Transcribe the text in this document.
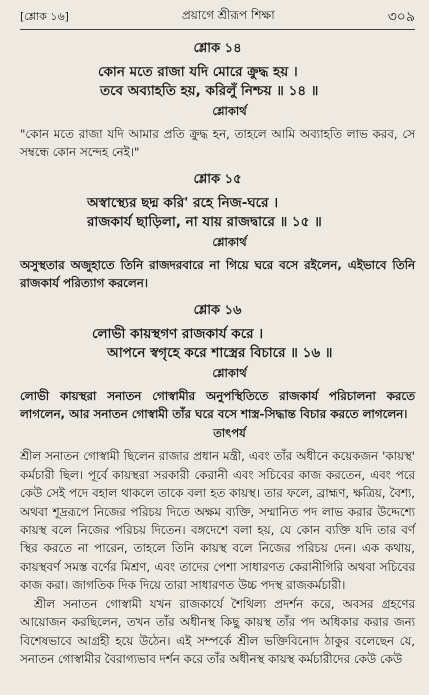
[শ্লোক ১৬]	প্রয়াগে শ্রীরূপ শিক্ষা	৩০৯
শ্লোক ১৪
কোন মতে রাজা যদি মোরে ক্রুদ্ধ হয় ।
তবে অব্যাহতি হয়, করিলুঁ নিশ্চয় ॥ ১৪ ॥
শ্লোকার্থ

"কোন মতে রাজা যদি আমার প্রতি ক্রুদ্ধ হন, তাহলে আমি অব্যাহতি লাভ করব, সে সম্বন্ধে কোন সন্দেহ নেই।"

শ্লোক ১৫
অস্বাস্থ্যের ছদ্ম করি' রহে নিজ-ঘরে ।
রাজকার্য ছাড়িলা, না যায় রাজদ্বারে ॥ ১৫ ॥
শ্লোকার্থ

অসুস্থতার অজুহাতে তিনি রাজদরবারে না গিয়ে ঘরে বসে রইলেন, এইভাবে তিনি রাজকার্য পরিত্যাগ করলেন।

শ্লোক ১৬
লোভী কায়স্থগণ রাজকার্য করে ।
আপনে স্বগৃহে করে শাস্ত্রের বিচারে ॥ ১৬ ॥
শ্লোকার্থ

লোভী কায়স্থরা সনাতন গোস্বামীর অনুপস্থিতিতে রাজকার্য পরিচালনা করতে লাগলেন, আর সনাতন গোস্বামী তাঁর ঘরে বসে শাস্ত্র-সিদ্ধান্ত বিচার করতে লাগলেন।

তাৎপর্য

শ্রীল সনাতন গোস্বামী ছিলেন রাজার প্রধান মন্ত্রী, এবং তাঁর অধীনে কয়েকজন 'কায়স্থ' কর্মচারী ছিল। পূর্বে কায়স্থরা সরকারী কেরানী এবং সচিবের কাজ করতেন, এবং পরে কেউ সেই পদে বহাল থাকলে তাকে বলা হত কায়স্থ। তার ফলে, ব্রাহ্মণ, ক্ষত্রিয়, বৈশ্য, অথবা শূদ্ররূপে নিজের পরিচয় দিতে অক্ষম ব্যক্তি, সম্মানিত পদ লাভ করার উদ্দেশ্যে কায়স্থ বলে নিজের পরিচয় দিতেন। বঙ্গদেশে বলা হয়, যে কোন ব্যক্তি যদি তার বর্ণ স্থির করতে না পারেন, তাহলে তিনি কায়স্থ বলে নিজের পরিচয় দেন। এক কথায়, কায়স্থবর্ণ সমস্ত বর্ণের মিশ্রণ, এবং তাদের পেশা সাধারণত কেরানীগিরি অথবা সচিবের কাজ করা। জাগতিক দিক দিয়ে তারা সাধারণত উচ্চ পদস্থ রাজকর্মচারী।

শ্রীল সনাতন গোস্বামী যখন রাজকার্যে শৈথিল্য প্রদর্শন করে, অবসর গ্রহণের আয়োজন করছিলেন, তখন তাঁর অধীনস্থ কিছু কায়স্থ তাঁর পদ অধিকার করার জন্য বিশেষভাবে আগ্রহী হয়ে উঠেন। এই সম্পর্কে শ্রীল ভক্তিবিনোদ ঠাকুর বলেছেন যে, সনাতন গোস্বামীর বৈরাগ্যভাব দর্শন করে তাঁর অধীনস্থ কায়স্থ কর্মচারীদের কেউ কেউ
